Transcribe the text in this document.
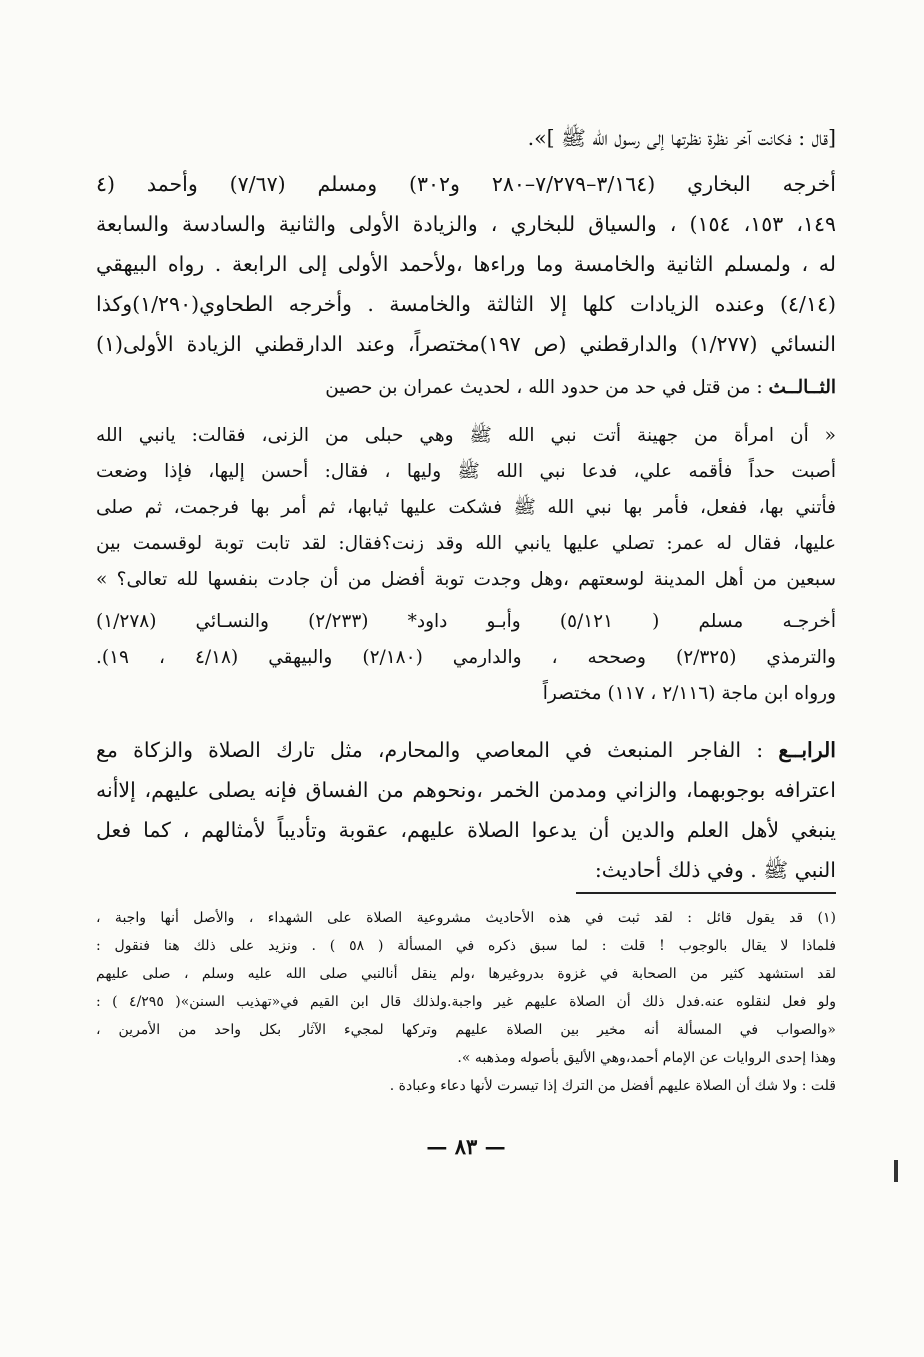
[قال : فكانت آخر نظرة نظرتها إلى رسول الله ﷺ ]».
أخرجه البخاري (٣/١٦٤–٧/٢٧٩–٢٨٠ و٣٠٢) ومسلم (٧/٦٧) وأحمد (٤
١٤٩، ١٥٣، ١٥٤) ، والسياق للبخاري ، والزيادة الأولى والثانية والسادسة والسابعة
له ، ولمسلم الثانية والخامسة وما وراءها ،ولأحمد الأولى إلى الرابعة . رواه البيهقي
(٤/١٤) وعنده الزيادات كلها إلا الثالثة والخامسة . وأخرجه الطحاوي(١/٢٩٠)وكذا
النسائي (١/٢٧٧) والدارقطني (ص ١٩٧)مختصراً، وعند الدارقطني الزيادة الأولى(١)
الثــالــث : من قتل في حد من حدود الله ، لحديث عمران بن حصين
« أن امرأة من جهينة أتت نبي الله ﷺ وهي حبلى من الزنى، فقالت: يانبي الله
أصبت حداً فأقمه علي، فدعا نبي الله ﷺ وليها ، فقال: أحسن إليها، فإذا وضعت
فأتني بها، ففعل، فأمر بها نبي الله ﷺ فشكت عليها ثيابها، ثم أمر بها فرجمت، ثم صلى
عليها، فقال له عمر: تصلي عليها يانبي الله وقد زنت؟فقال: لقد تابت توبة لوقسمت بين
سبعين من أهل المدينة لوسعتهم ،وهل وجدت توبة أفضل من أن جادت بنفسها لله تعالى؟ »
أخرجـه مسلم ( ٥/١٢١) وأبـو داود* (٢/٢٣٣) والنسـائي (١/٢٧٨)
والترمذي (٢/٣٢٥) وصححه ، والدارمي (٢/١٨٠) والبيهقي (٤/١٨ ، ١٩).
ورواه ابن ماجة (٢/١١٦ ، ١١٧) مختصراً
الرابــع : الفاجر المنبعث في المعاصي والمحارم، مثل تارك الصلاة والزكاة مع
اعترافه بوجوبهما، والزاني ومدمن الخمر ،ونحوهم من الفساق فإنه يصلى عليهم، إلاأنه
ينبغي لأهل العلم والدين أن يدعوا الصلاة عليهم، عقوبة وتأديباً لأمثالهم ، كما فعل
النبي ﷺ . وفي ذلك أحاديث:
(١) قد يقول قائل : لقد ثبت في هذه الأحاديث مشروعية الصلاة على الشهداء ، والأصل أنها واجبة ،
فلماذا لا يقال بالوجوب ! قلت : لما سبق ذكره في المسألة ( ٥٨ ) . ونزيد على ذلك هنا فنقول :
لقد استشهد كثير من الصحابة في غزوة بدروغيرها ،ولم ينقل أنالنبي صلى الله عليه وسلم ، صلى عليهم
ولو فعل لنقلوه عنه.فدل ذلك أن الصلاة عليهم غير واجبة.ولذلك قال ابن القيم في«تهذيب السنن»( ٤/٢٩٥ ) :
«والصواب في المسألة أنه مخير بين الصلاة عليهم وتركها لمجيء الآثار بكل واحد من الأمرين ،
وهذا إحدى الروايات عن الإمام أحمد،وهي الأليق بأصوله ومذهبه ».
قلت : ولا شك أن الصلاة عليهم أفضل من الترك إذا تيسرت لأنها دعاء وعبادة .
— ٨٣ —
